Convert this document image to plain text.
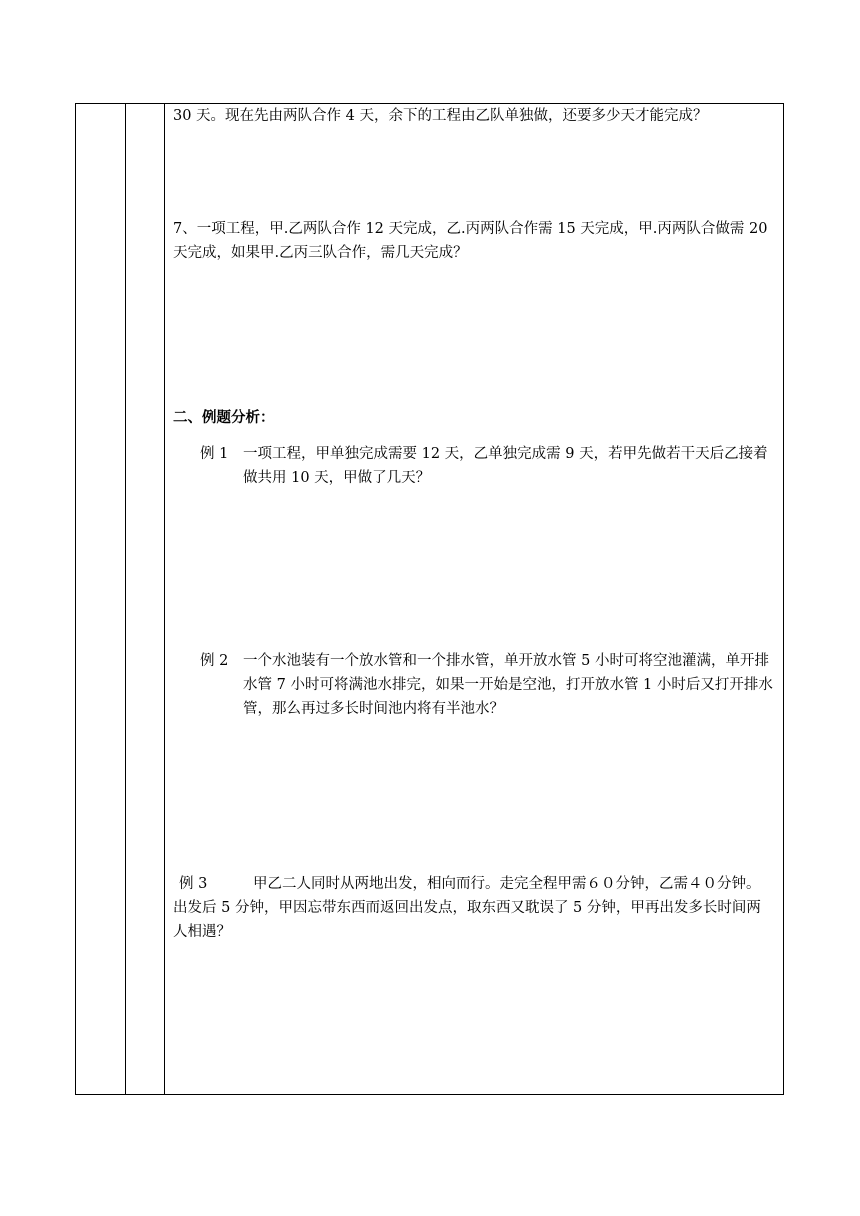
30 天。现在先由两队合作 4 天，余下的工程由乙队单独做，还要多少天才能完成？
7、一项工程，甲.乙两队合作 12 天完成，乙.丙两队合作需 15 天完成，甲.丙两队合做需 20 天完成，如果甲.乙丙三队合作，需几天完成？
二、例题分析：
例 1 一项工程，甲单独完成需要 12 天，乙单独完成需 9 天，若甲先做若干天后乙接着做共用 10 天，甲做了几天？
例 2 一个水池装有一个放水管和一个排水管，单开放水管 5 小时可将空池灌满，单开排水管 7 小时可将满池水排完，如果一开始是空池，打开放水管 1 小时后又打开排水管，那么再过多长时间池内将有半池水？
例 3	甲乙二人同时从两地出发，相向而行。走完全程甲需６０分钟，乙需４０分钟。出发后 5 分钟，甲因忘带东西而返回出发点，取东西又耽误了 5 分钟，甲再出发多长时间两人相遇？
